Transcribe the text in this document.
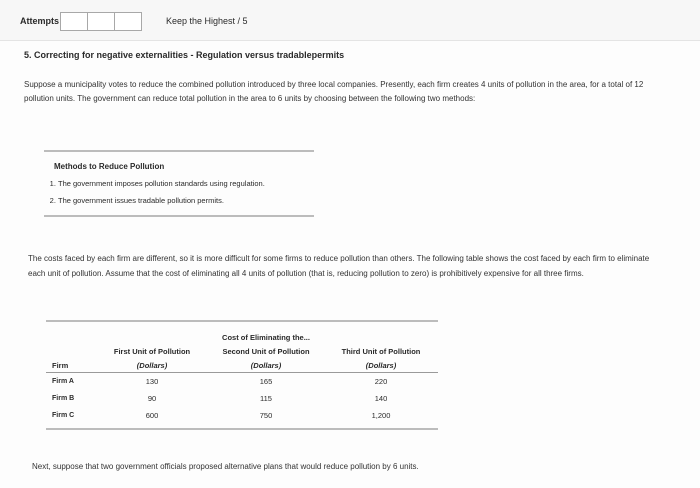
Attempts	Keep the Highest / 5
5. Correcting for negative externalities - Regulation versus tradablepermits
Suppose a municipality votes to reduce the combined pollution introduced by three local companies. Presently, each firm creates 4 units of pollution in the area, for a total of 12 pollution units. The government can reduce total pollution in the area to 6 units by choosing between the following two methods:
Methods to Reduce Pollution
1. The government imposes pollution standards using regulation.
2. The government issues tradable pollution permits.
The costs faced by each firm are different, so it is more difficult for some firms to reduce pollution than others. The following table shows the cost faced by each firm to eliminate each unit of pollution. Assume that the cost of eliminating all 4 units of pollution (that is, reducing pollution to zero) is prohibitively expensive for all three firms.
		Cost of Eliminating the...	
	First Unit of Pollution	Second Unit of Pollution	Third Unit of Pollution
Firm	(Dollars)	(Dollars)	(Dollars)
Firm A	130	165	220
Firm B	90	115	140
Firm C	600	750	1,200
Next, suppose that two government officials proposed alternative plans that would reduce pollution by 6 units.
